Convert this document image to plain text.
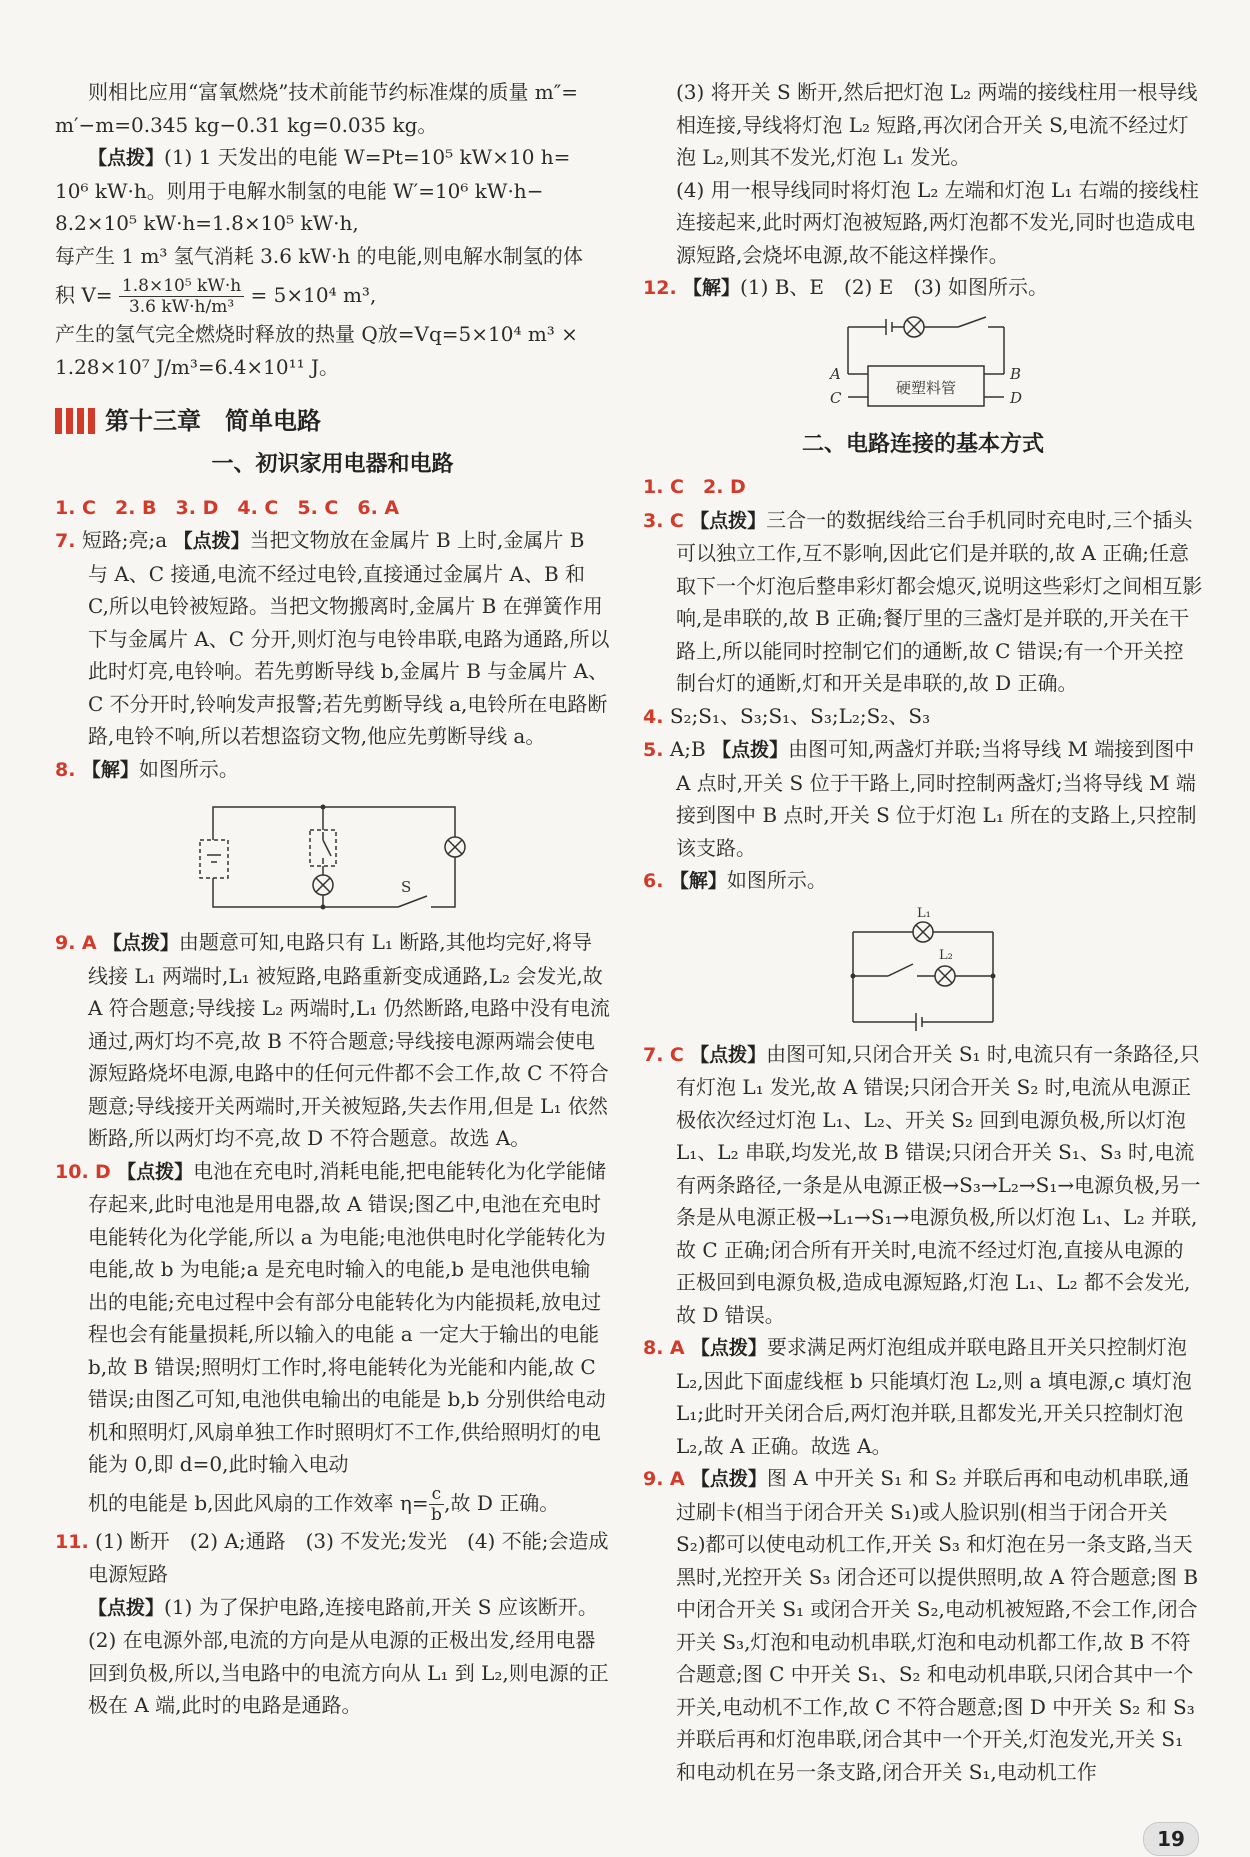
则相比应用“富氧燃烧”技术前能节约标准煤的质量 m″=

m′−m=0.345 kg−0.31 kg=0.035 kg。

【点拨】(1) 1 天发出的电能 W=Pt=10⁵ kW×10 h=

10⁶ kW·h。则用于电解水制氢的电能 W′=10⁶ kW·h−

8.2×10⁵ kW·h=1.8×10⁵ kW·h,

每产生 1 m³ 氢气消耗 3.6 kW·h 的电能,则电解水制氢的体

积 $V= \frac{\text{1.8×10⁵ kW·h}}{\text{3.6 kW·h/m³}} = 5\times 10^4$ m³,

产生的氢气完全燃烧时释放的热量 Q放=Vq=5×10⁴ m³ ×

1.28×10⁷ J/m³=6.4×10¹¹ J。

第十三章　简单电路
一、初识家用电器和电路

1. C　2. B　3. D　4. C　5. C　6. A

7. 短路;亮;a 【点拨】当把文物放在金属片 B 上时,金属片 B 与 A、C 接通,电流不经过电铃,直接通过金属片 A、B 和 C,所以电铃被短路。当把文物搬离时,金属片 B 在弹簧作用下与金属片 A、C 分开,则灯泡与电铃串联,电路为通路,所以此时灯亮,电铃响。若先剪断导线 b,金属片 B 与金属片 A、C 不分开时,铃响发声报警;若先剪断导线 a,电铃所在电路断路,电铃不响,所以若想盗窃文物,他应先剪断导线 a。

8. 【解】如图所示。

S

9. A 【点拨】由题意可知,电路只有 L₁ 断路,其他均完好,将导线接 L₁ 两端时,L₁ 被短路,电路重新变成通路,L₂ 会发光,故 A 符合题意;导线接 L₂ 两端时,L₁ 仍然断路,电路中没有电流通过,两灯均不亮,故 B 不符合题意;导线接电源两端会使电源短路烧坏电源,电路中的任何元件都不会工作,故 C 不符合题意;导线接开关两端时,开关被短路,失去作用,但是 L₁ 依然断路,所以两灯均不亮,故 D 不符合题意。故选 A。

10. D 【点拨】电池在充电时,消耗电能,把电能转化为化学能储存起来,此时电池是用电器,故 A 错误;图乙中,电池在充电时电能转化为化学能,所以 a 为电能;电池供电时化学能转化为电能,故 b 为电能;a 是充电时输入的电能,b 是电池供电输出的电能;充电过程中会有部分电能转化为内能损耗,放电过程也会有能量损耗,所以输入的电能 a 一定大于输出的电能 b,故 B 错误;照明灯工作时,将电能转化为光能和内能,故 C 错误;由图乙可知,电池供电输出的电能是 b,b 分别供给电动机和照明灯,风扇单独工作时照明灯不工作,供给照明灯的电能为 0,即 d=0,此时输入电动

机的电能是 b,因此风扇的工作效率 $\eta= \frac{c}{b}$ ,故 D 正确。

11. (1) 断开　(2) A;通路　(3) 不发光;发光　(4) 不能;会造成电源短路

【点拨】(1) 为了保护电路,连接电路前,开关 S 应该断开。

(2) 在电源外部,电流的方向是从电源的正极出发,经用电器回到负极,所以,当电路中的电流方向从 L₁ 到 L₂,则电源的正极在 A 端,此时的电路是通路。

(3) 将开关 S 断开,然后把灯泡 L₂ 两端的接线柱用一根导线相连接,导线将灯泡 L₂ 短路,再次闭合开关 S,电流不经过灯泡 L₂,则其不发光,灯泡 L₁ 发光。

(4) 用一根导线同时将灯泡 L₂ 左端和灯泡 L₁ 右端的接线柱连接起来,此时两灯泡被短路,两灯泡都不发光,同时也造成电源短路,会烧坏电源,故不能这样操作。

12. 【解】(1) B、E　(2) E　(3) 如图所示。

硬塑料管
A
C
B
D
二、电路连接的基本方式

1. C　2. D

3. C 【点拨】三合一的数据线给三台手机同时充电时,三个插头可以独立工作,互不影响,因此它们是并联的,故 A 正确;任意取下一个灯泡后整串彩灯都会熄灭,说明这些彩灯之间相互影响,是串联的,故 B 正确;餐厅里的三盏灯是并联的,开关在干路上,所以能同时控制它们的通断,故 C 错误;有一个开关控制台灯的通断,灯和开关是串联的,故 D 正确。

4. S₂;S₁、S₃;S₁、S₃;L₂;S₂、S₃

5. A;B 【点拨】由图可知,两盏灯并联;当将导线 M 端接到图中 A 点时,开关 S 位于干路上,同时控制两盏灯;当将导线 M 端接到图中 B 点时,开关 S 位于灯泡 L₁ 所在的支路上,只控制该支路。

6. 【解】如图所示。

L₁
L₂

7. C 【点拨】由图可知,只闭合开关 S₁ 时,电流只有一条路径,只有灯泡 L₁ 发光,故 A 错误;只闭合开关 S₂ 时,电流从电源正极依次经过灯泡 L₁、L₂、开关 S₂ 回到电源负极,所以灯泡 L₁、L₂ 串联,均发光,故 B 错误;只闭合开关 S₁、S₃ 时,电流有两条路径,一条是从电源正极→S₃→L₂→S₁→电源负极,另一条是从电源正极→L₁→S₁→电源负极,所以灯泡 L₁、L₂ 并联,故 C 正确;闭合所有开关时,电流不经过灯泡,直接从电源的正极回到电源负极,造成电源短路,灯泡 L₁、L₂ 都不会发光,故 D 错误。

8. A 【点拨】要求满足两灯泡组成并联电路且开关只控制灯泡 L₂,因此下面虚线框 b 只能填灯泡 L₂,则 a 填电源,c 填灯泡 L₁;此时开关闭合后,两灯泡并联,且都发光,开关只控制灯泡 L₂,故 A 正确。故选 A。

9. A 【点拨】图 A 中开关 S₁ 和 S₂ 并联后再和电动机串联,通过刷卡(相当于闭合开关 S₁)或人脸识别(相当于闭合开关 S₂)都可以使电动机工作,开关 S₃ 和灯泡在另一条支路,当天黑时,光控开关 S₃ 闭合还可以提供照明,故 A 符合题意;图 B 中闭合开关 S₁ 或闭合开关 S₂,电动机被短路,不会工作,闭合开关 S₃,灯泡和电动机串联,灯泡和电动机都工作,故 B 不符合题意;图 C 中开关 S₁、S₂ 和电动机串联,只闭合其中一个开关,电动机不工作,故 C 不符合题意;图 D 中开关 S₂ 和 S₃ 并联后再和灯泡串联,闭合其中一个开关,灯泡发光,开关 S₁ 和电动机在另一条支路,闭合开关 S₁,电动机工作

19
